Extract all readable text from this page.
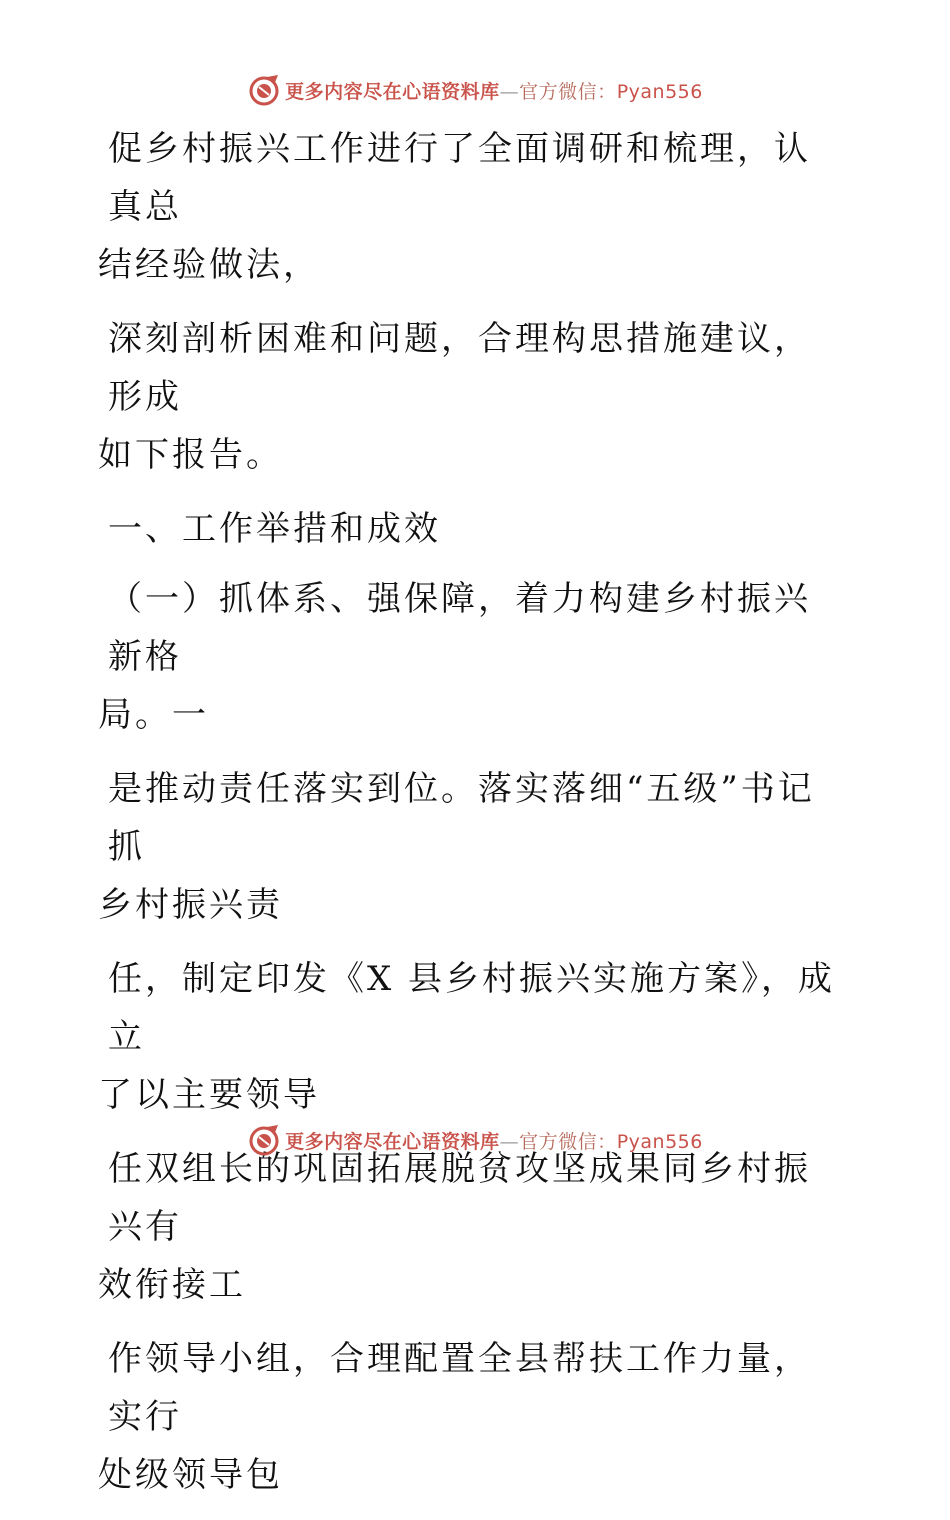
更多内容尽在心语资料库—官方微信：Pyan556
促乡村振兴工作进行了全面调研和梳理，认真总
结经验做法，
深刻剖析困难和问题，合理构思措施建议，形成
如下报告。
一、工作举措和成效
（一）抓体系、强保障，着力构建乡村振兴新格
局。一
是推动责任落实到位。落实落细“五级”书记抓
乡村振兴责
任，制定印发《X 县乡村振兴实施方案》，成立
了以主要领导
任双组长的巩固拓展脱贫攻坚成果同乡村振兴有
效衔接工
作领导小组，合理配置全县帮扶工作力量，实行
处级领导包
更多内容尽在心语资料库—官方微信：Pyan556
